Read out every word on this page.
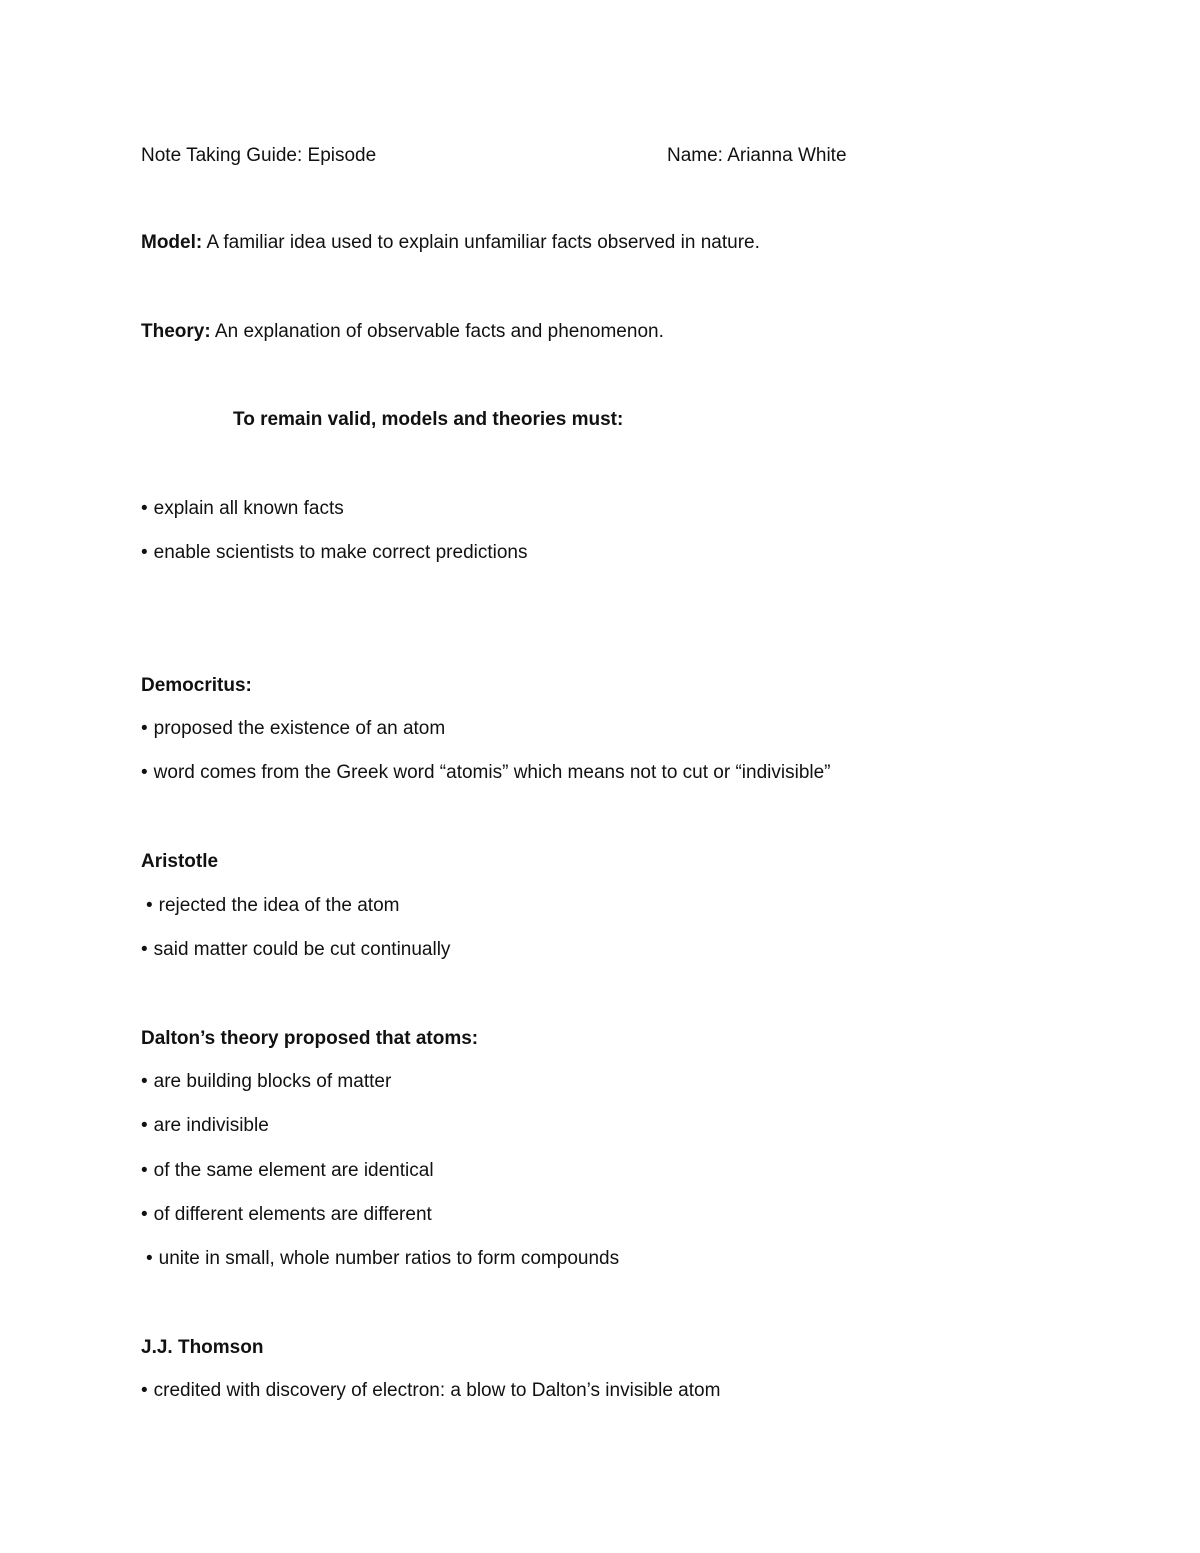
Note Taking Guide: Episode	Name: Arianna White
Model: A familiar idea used to explain unfamiliar facts observed in nature.
Theory: An explanation of observable facts and phenomenon.
To remain valid, models and theories must:
• explain all known facts
• enable scientists to make correct predictions
Democritus:
• proposed the existence of an atom
• word comes from the Greek word “atomis” which means not to cut or “indivisible”
Aristotle
• rejected the idea of the atom
• said matter could be cut continually
Dalton’s theory proposed that atoms:
• are building blocks of matter
• are indivisible
• of the same element are identical
• of different elements are different
• unite in small, whole number ratios to form compounds
J.J. Thomson
• credited with discovery of electron: a blow to Dalton’s invisible atom
